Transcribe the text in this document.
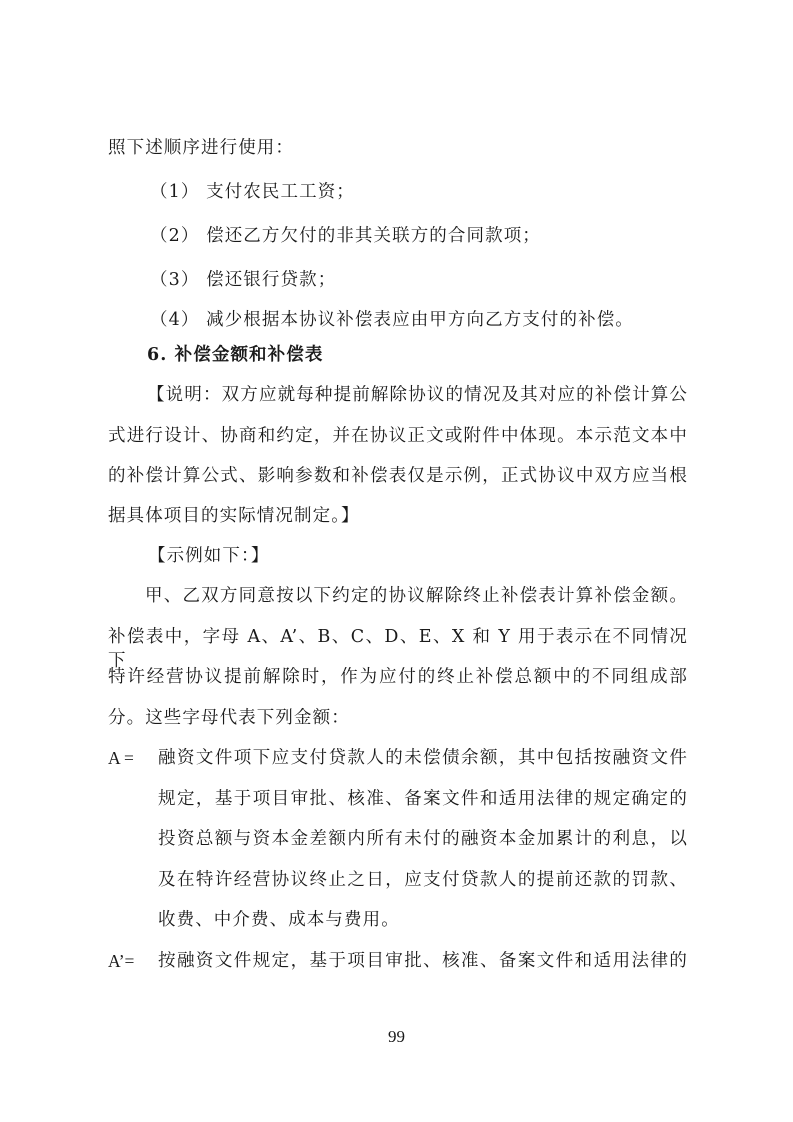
照下述顺序进行使用：
（1） 支付农民工工资；
（2） 偿还乙方欠付的非其关联方的合同款项；
（3） 偿还银行贷款；
（4） 减少根据本协议补偿表应由甲方向乙方支付的补偿。
6. 补偿金额和补偿表
【说明：双方应就每种提前解除协议的情况及其对应的补偿计算公
式进行设计、协商和约定，并在协议正文或附件中体现。本示范文本中
的补偿计算公式、影响参数和补偿表仅是示例，正式协议中双方应当根
据具体项目的实际情况制定。】
【示例如下：】
甲、乙双方同意按以下约定的协议解除终止补偿表计算补偿金额。
补偿表中，字母 A、A’、B、C、D、E、X 和 Y 用于表示在不同情况下
特许经营协议提前解除时，作为应付的终止补偿总额中的不同组成部
分。这些字母代表下列金额：
A = 融资文件项下应支付贷款人的未偿债余额，其中包括按融资文件
规定，基于项目审批、核准、备案文件和适用法律的规定确定的
投资总额与资本金差额内所有未付的融资本金加累计的利息，以
及在特许经营协议终止之日，应支付贷款人的提前还款的罚款、
收费、中介费、成本与费用。
A’= 按融资文件规定，基于项目审批、核准、备案文件和适用法律的
99
